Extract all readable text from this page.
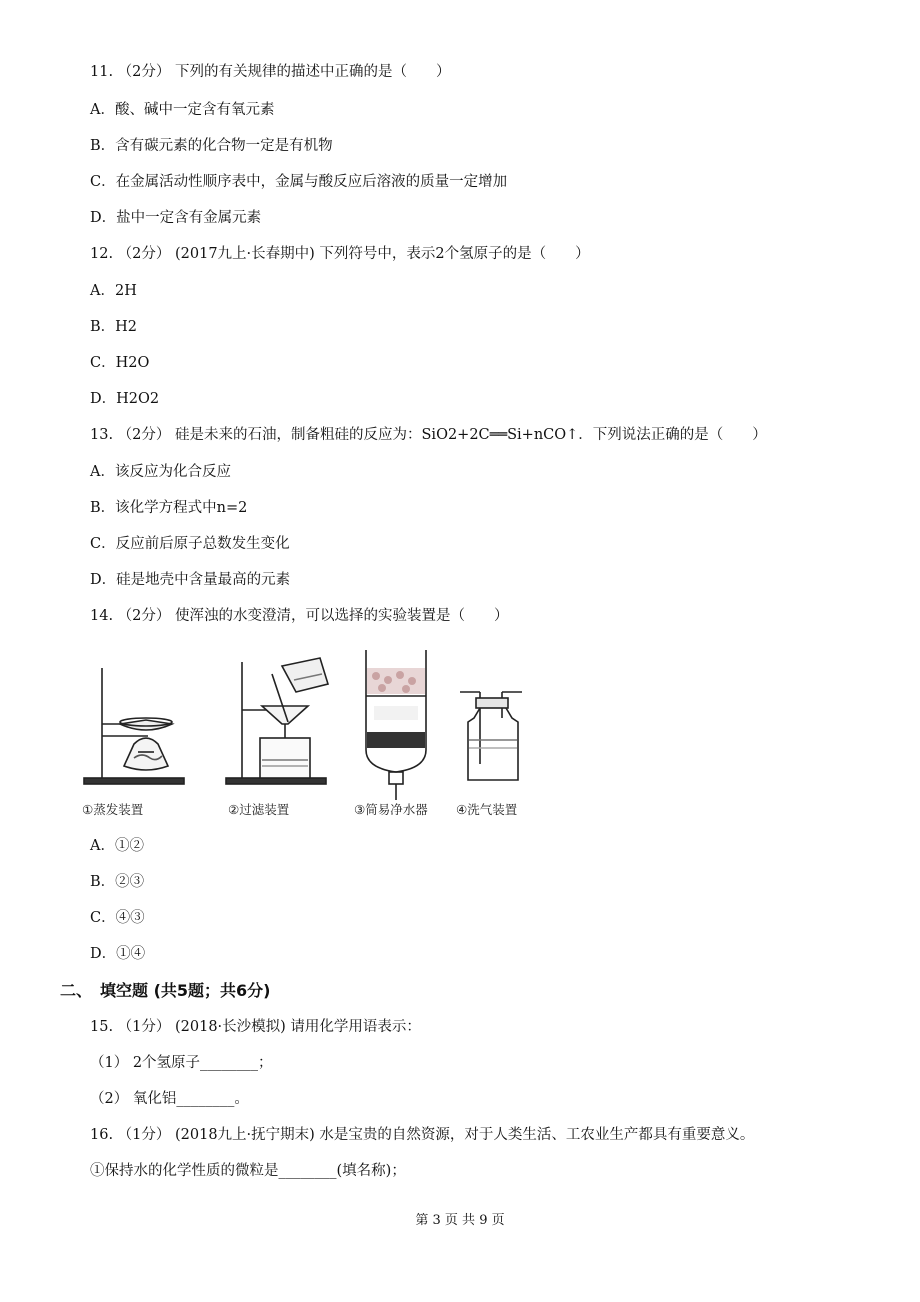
11. （2分） 下列的有关规律的描述中正确的是（　　）
A．酸、碱中一定含有氧元素
B．含有碳元素的化合物一定是有机物
C．在金属活动性顺序表中，金属与酸反应后溶液的质量一定增加
D．盐中一定含有金属元素
12. （2分） (2017九上·长春期中) 下列符号中，表示2个氢原子的是（　　）
A．2H
B．H2
C．H2O
D．H2O2
13. （2分） 硅是未来的石油，制备粗硅的反应为：SiO2+2C══Si+nCO↑．下列说法正确的是（　　）
A．该反应为化合反应
B．该化学方程式中n=2
C．反应前后原子总数发生变化
D．硅是地壳中含量最高的元素
14. （2分） 使浑浊的水变澄清，可以选择的实验装置是（　　）
①蒸发装置	②过滤装置	③简易净水器 ④洗气装置
A．①②
B．②③
C．④③
D．①④
二、　填空题 (共5题；共6分)
15. （1分） (2018·长沙模拟) 请用化学用语表示：
（1） 2个氢原子________；
（2） 氧化铝________。
16. （1分） (2018九上·抚宁期末) 水是宝贵的自然资源，对于人类生活、工农业生产都具有重要意义。
①保持水的化学性质的微粒是________(填名称)；
第 3 页 共 9 页
